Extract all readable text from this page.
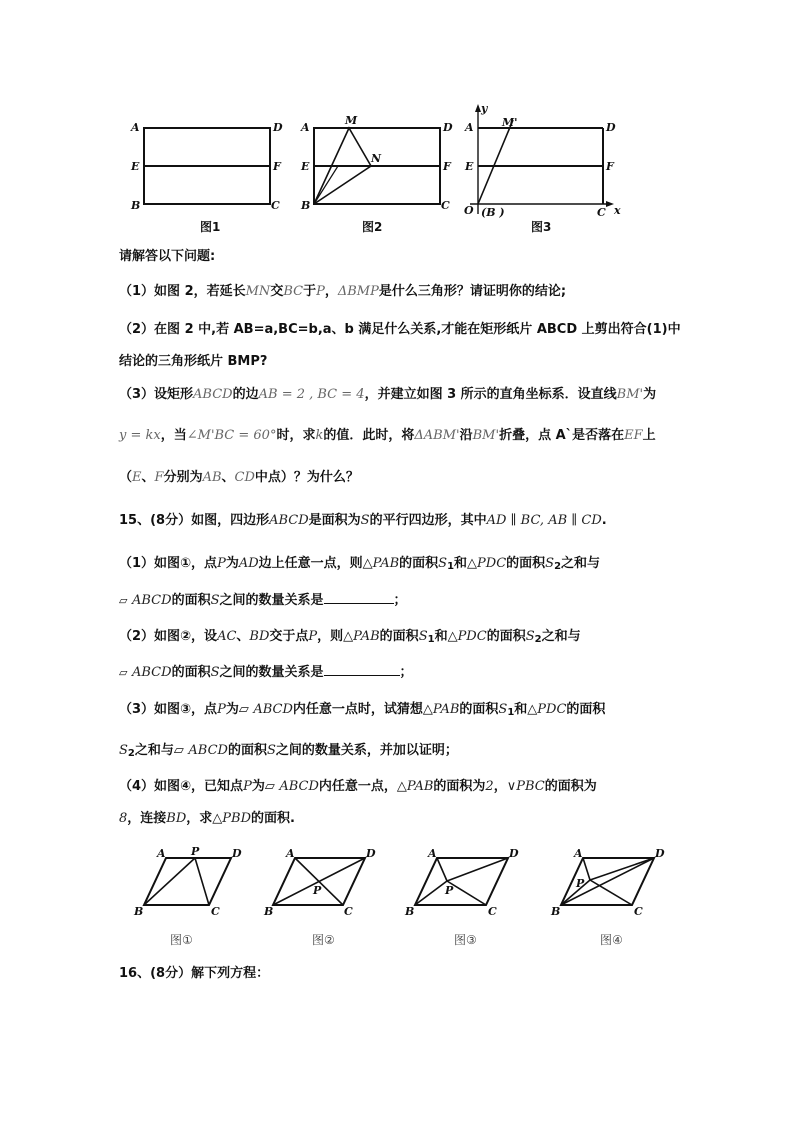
A	D
E	F
B	C
A
M
D
E
N
F
B	C
y
M'
A	D
E	F
O (B )	C x
图1	图2	图3
请解答以下问题:
（1）如图 2，若延长MN交BC于P，ΔBMP是什么三角形？请证明你的结论;
（2）在图 2 中,若 AB=a,BC=b,a、b 满足什么关系,才能在矩形纸片 ABCD 上剪出符合(1)中
结论的三角形纸片 BMP?
（3）设矩形ABCD的边AB = 2 , BC = 4，并建立如图 3 所示的直角坐标系．设直线BM'为
y = kx，当∠M'BC = 60°时，求k的值．此时，将ΔABM'沿BM'折叠，点 A`是否落在EF上
（E、F分别为AB、CD中点）？为什么？
15、(8分）如图，四边形ABCD是面积为S的平行四边形，其中AD ∥ BC, AB ∥ CD.
（1）如图①，点P为AD边上任意一点，则△PAB的面积$S_1$和△PDC的面积$S_2$之和与
▱ ABCD的面积S之间的数量关系是	；
（2）如图②，设AC、BD交于点P，则△PAB的面积$S_1$和△PDC的面积$S_2$之和与
▱ ABCD的面积S之间的数量关系是	；
（3）如图③，点P为▱ ABCD内任意一点时，试猜想△PAB的面积$S_1$和△PDC的面积
$S_2$之和与▱ ABCD的面积S之间的数量关系，并加以证明；
（4）如图④，已知点P为▱ ABCD内任意一点，△PAB的面积为2，∨PBC的面积为
8，连接BD，求△PBD的面积.
A P	D
B	C
A	D
P
B	C
A	D
P
B	C
A	D
P
B	C
图①	图②	图③	图④
16、(8分）解下列方程：
